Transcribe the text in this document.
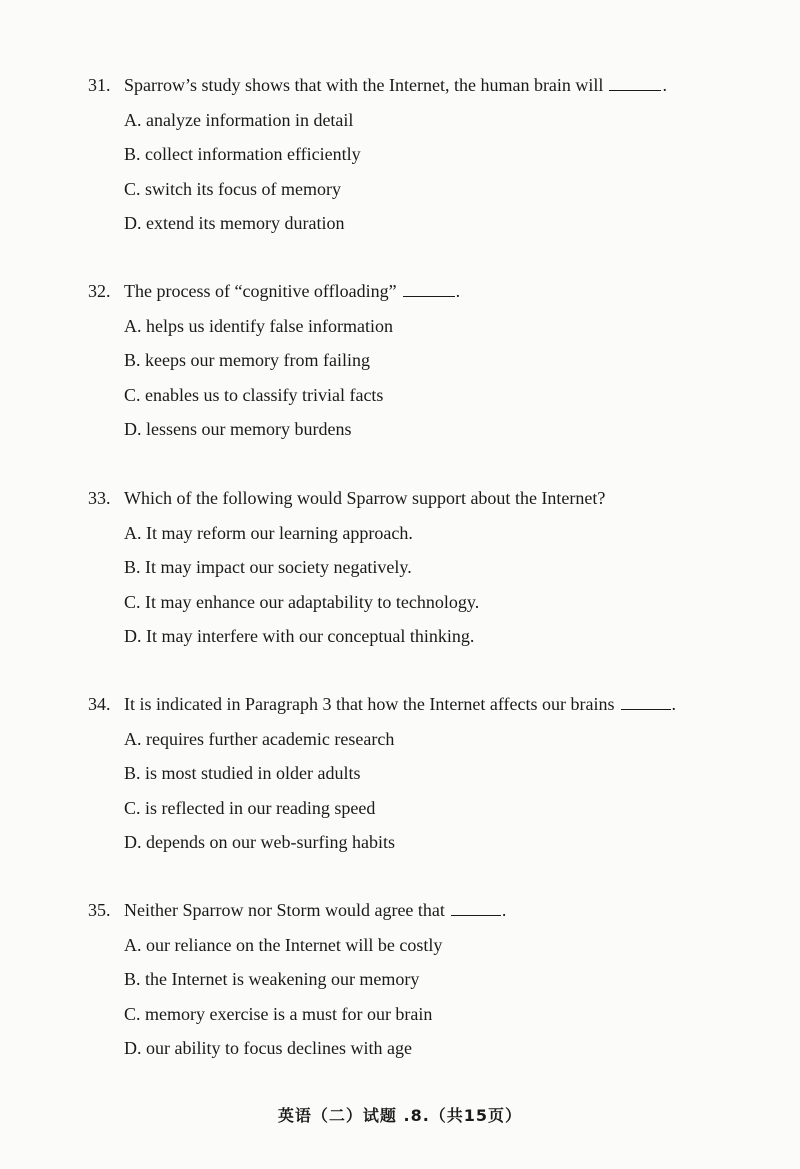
31. Sparrow’s study shows that with the Internet, the human brain will	.
A. analyze information in detail
B. collect information efficiently
C. switch its focus of memory
D. extend its memory duration
32. The process of “cognitive offloading”	.
A. helps us identify false information
B. keeps our memory from failing
C. enables us to classify trivial facts
D. lessens our memory burdens
33. Which of the following would Sparrow support about the Internet?
A. It may reform our learning approach.
B. It may impact our society negatively.
C. It may enhance our adaptability to technology.
D. It may interfere with our conceptual thinking.
34. It is indicated in Paragraph 3 that how the Internet affects our brains	.
A. requires further academic research
B. is most studied in older adults
C. is reflected in our reading speed
D. depends on our web-surfing habits
35. Neither Sparrow nor Storm would agree that	.
A. our reliance on the Internet will be costly
B. the Internet is weakening our memory
C. memory exercise is a must for our brain
D. our ability to focus declines with age
英语（二）试题 .8.（共15页）
